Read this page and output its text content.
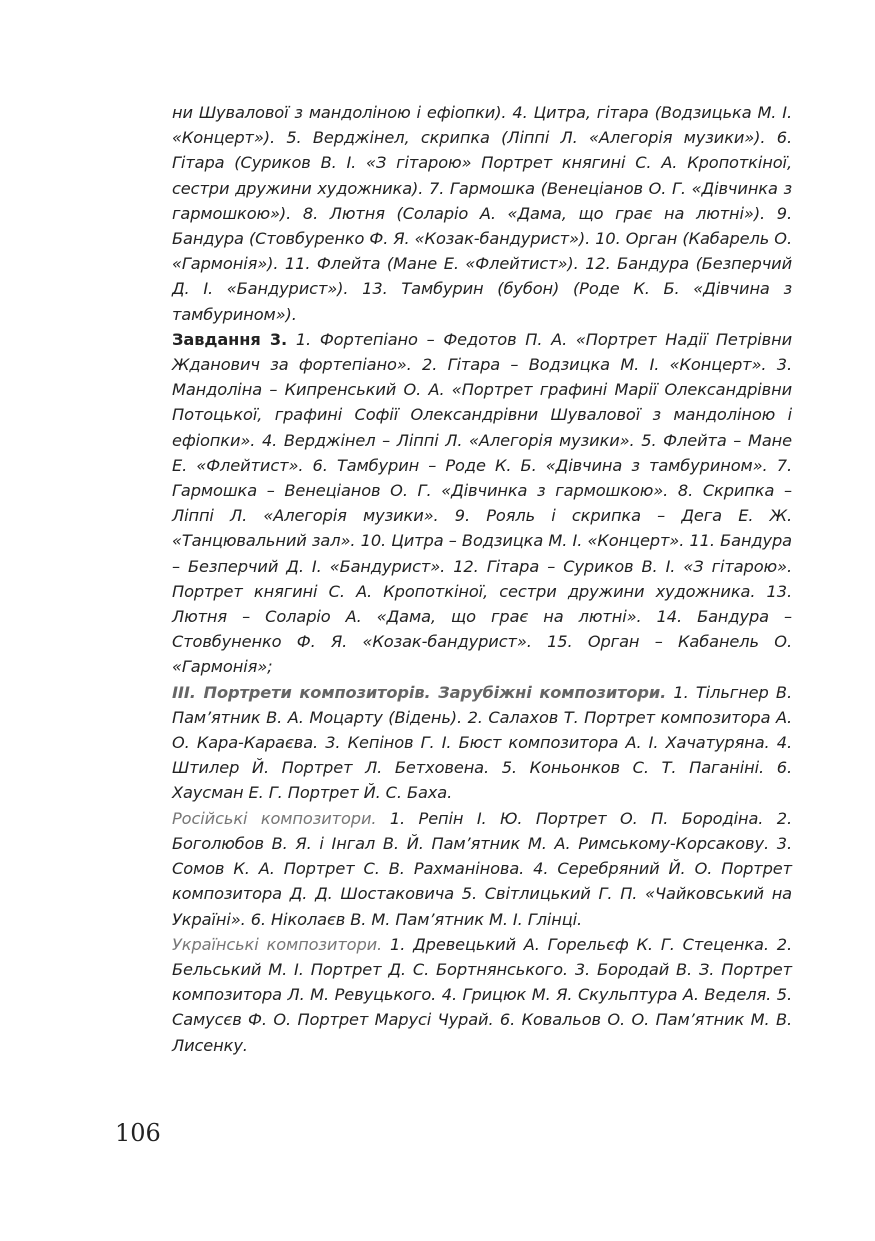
ни Шувалової з мандоліною і ефіопки). 4. Цитра, гітара (Водзицька М. І. «Концерт»). 5. Верджінел, скрипка (Ліппі Л. «Алегорія музики»). 6. Гітара (Суриков В. І. «З гітарою» Портрет княгині С. А. Кропоткіної, сестри дружини художника). 7. Гармошка (Венеціанов О. Г. «Дівчинка з гармошкою»). 8. Лютня (Соларіо А. «Дама, що грає на лютні»). 9. Бандура (Стовбуренко Ф. Я. «Козак-бандурист»). 10. Орган (Кабарель О. «Гармонія»). 11. Флейта (Мане Е. «Флейтист»). 12. Бандура (Безперчий Д. І. «Бандурист»). 13. Тамбурин (бубон) (Роде К. Б. «Дівчина з тамбурином»).

Завдання 3. 1. Фортепіано – Федотов П. А. «Портрет Надії Петрівни Жданович за фортепіано». 2. Гітара – Водзицка М. І. «Концерт». 3. Мандоліна – Кипренський О. А. «Портрет графині Марії Олександрівни Потоцької, графині Софії Олександрівни Шувалової з мандоліною і ефіопки». 4. Верджінел – Ліппі Л. «Алегорія музики». 5. Флейта – Мане Е. «Флейтист». 6. Тамбурин – Роде К. Б. «Дівчина з тамбурином». 7. Гармошка – Венеціанов О. Г. «Дівчинка з гармошкою». 8. Скрипка – Ліппі Л. «Алегорія музики». 9. Рояль і скрипка – Дега Е. Ж. «Танцювальний зал». 10. Цитра – Водзицка М. І. «Концерт». 11. Бандура – Безперчий Д. І. «Бандурист». 12. Гітара – Суриков В. І. «З гітарою». Портрет княгині С. А. Кропоткіної, сестри дружини художника. 13. Лютня – Соларіо А. «Дама, що грає на лютні». 14. Бандура – Стовбуненко Ф. Я. «Козак-бандурист». 15. Орган – Кабанель О. «Гармонія»;

ІІІ. Портрети композиторів. Зарубіжні композитори. 1. Тільгнер В. Пам’ятник В. А. Моцарту (Відень). 2. Салахов Т. Портрет композитора А. О. Кара-Караєва. 3. Кепінов Г. І. Бюст композитора А. І. Хачатуряна. 4. Штилер Й. Портрет Л. Бетховена. 5. Коньонков С. Т. Паганіні. 6. Хаусман Е. Г. Портрет Й. С. Баха.

Російські композитори. 1. Репін І. Ю. Портрет О. П. Бородіна. 2. Боголюбов В. Я. і Інгал В. Й. Пам’ятник М. А. Римському-Корсакову. 3. Сомов К. А. Портрет С. В. Рахманінова. 4. Серебряний Й. О. Портрет композитора Д. Д. Шостаковича 5. Світлицький Г. П. «Чайковський на Україні». 6. Ніколаєв В. М. Пам’ятник М. І. Глінці.

Українські композитори. 1. Древецький А. Горельєф К. Г. Стеценка. 2. Бельський М. І. Портрет Д. С. Бортнянського. 3. Бородай В. З. Портрет композитора Л. М. Ревуцького. 4. Грицюк М. Я. Скульптура А. Веделя. 5. Самусєв Ф. О. Портрет Марусі Чурай. 6. Ковальов О. О. Пам’ятник М. В. Лисенку.

106
